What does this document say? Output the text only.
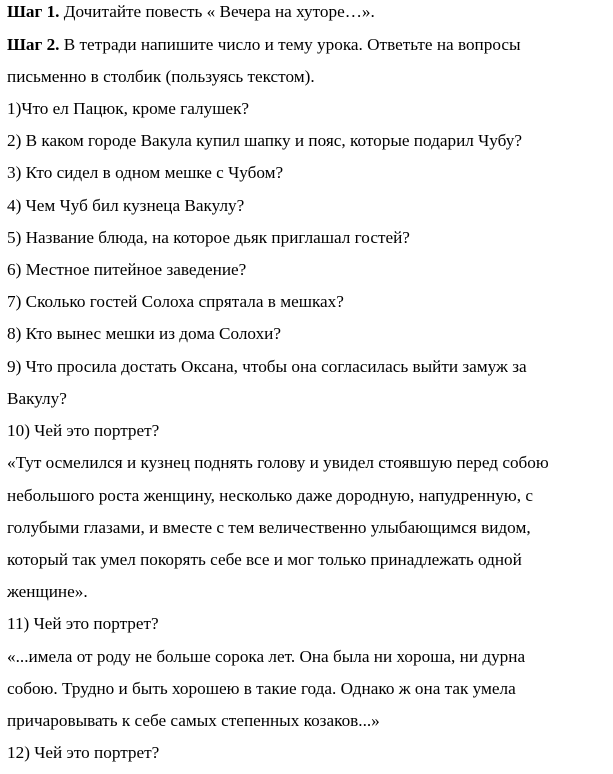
Шаг 1. Дочитайте повесть « Вечера на хуторе…».
Шаг 2. В тетради напишите число и тему урока. Ответьте на вопросы
письменно в столбик (пользуясь текстом).
1)Что ел Пацюк, кроме галушек?
2) В каком городе Вакула купил шапку и пояс, которые подарил Чубу?
3) Кто сидел в одном мешке с Чубом?
4) Чем Чуб бил кузнеца Вакулу?
5) Название блюда, на которое дьяк приглашал гостей?
6) Местное питейное заведение?
7) Сколько гостей Солоха спрятала в мешках?
8) Кто вынес мешки из дома Солохи?
9) Что просила достать Оксана, чтобы она согласилась выйти замуж за
Вакулу?
10) Чей это портрет?
«Тут осмелился и кузнец поднять голову и увидел стоявшую перед собою
небольшого роста женщину, несколько даже дородную, напудренную, с
голубыми глазами, и вместе с тем величественно улыбающимся видом,
который так умел покорять себе все и мог только принадлежать одной
женщине».
11) Чей это портрет?
«...имела от роду не больше сорока лет. Она была ни хороша, ни дурна
собою. Трудно и быть хорошею в такие года. Однако ж она так умела
причаровывать к себе самых степенных козаков...»
12) Чей это портрет?
